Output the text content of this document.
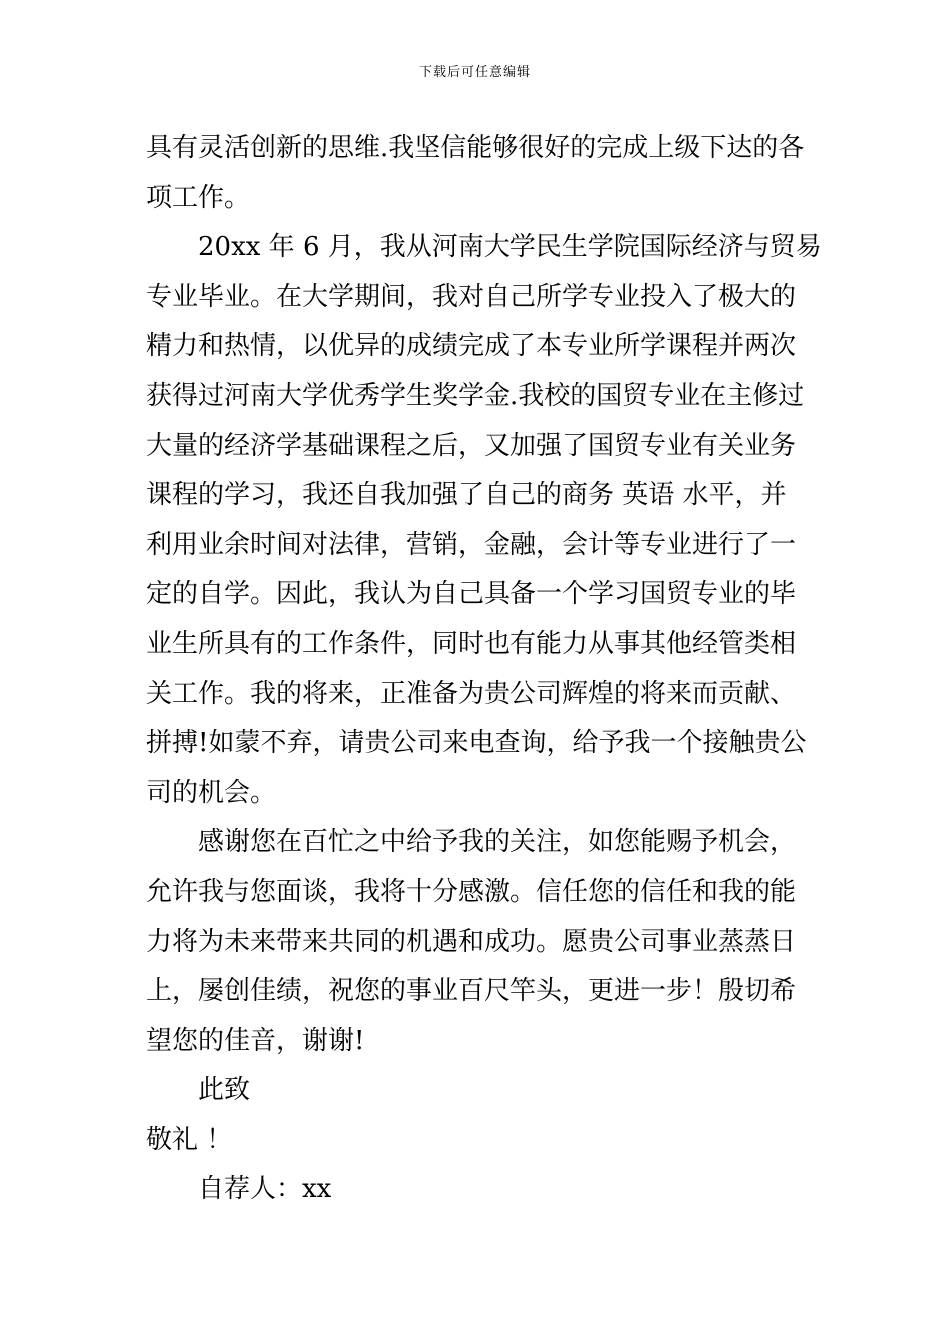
下载后可任意编辑
具有灵活创新的思维.我坚信能够很好的完成上级下达的各
项工作。
20xx 年 6 月，我从河南大学民生学院国际经济与贸易
专业毕业。在大学期间，我对自己所学专业投入了极大的
精力和热情，以优异的成绩完成了本专业所学课程并两次
获得过河南大学优秀学生奖学金.我校的国贸专业在主修过
大量的经济学基础课程之后，又加强了国贸专业有关业务
课程的学习，我还自我加强了自己的商务 英语 水平，并
利用业余时间对法律，营销，金融，会计等专业进行了一
定的自学。因此，我认为自己具备一个学习国贸专业的毕
业生所具有的工作条件，同时也有能力从事其他经管类相
关工作。我的将来，正准备为贵公司辉煌的将来而贡献、
拼搏!如蒙不弃，请贵公司来电查询，给予我一个接触贵公
司的机会。
感谢您在百忙之中给予我的关注，如您能赐予机会，
允许我与您面谈，我将十分感激。信任您的信任和我的能
力将为未来带来共同的机遇和成功。愿贵公司事业蒸蒸日
上，屡创佳绩，祝您的事业百尺竿头，更进一步！殷切希
望您的佳音，谢谢!
此致
敬礼 ！
自荐人：xx
